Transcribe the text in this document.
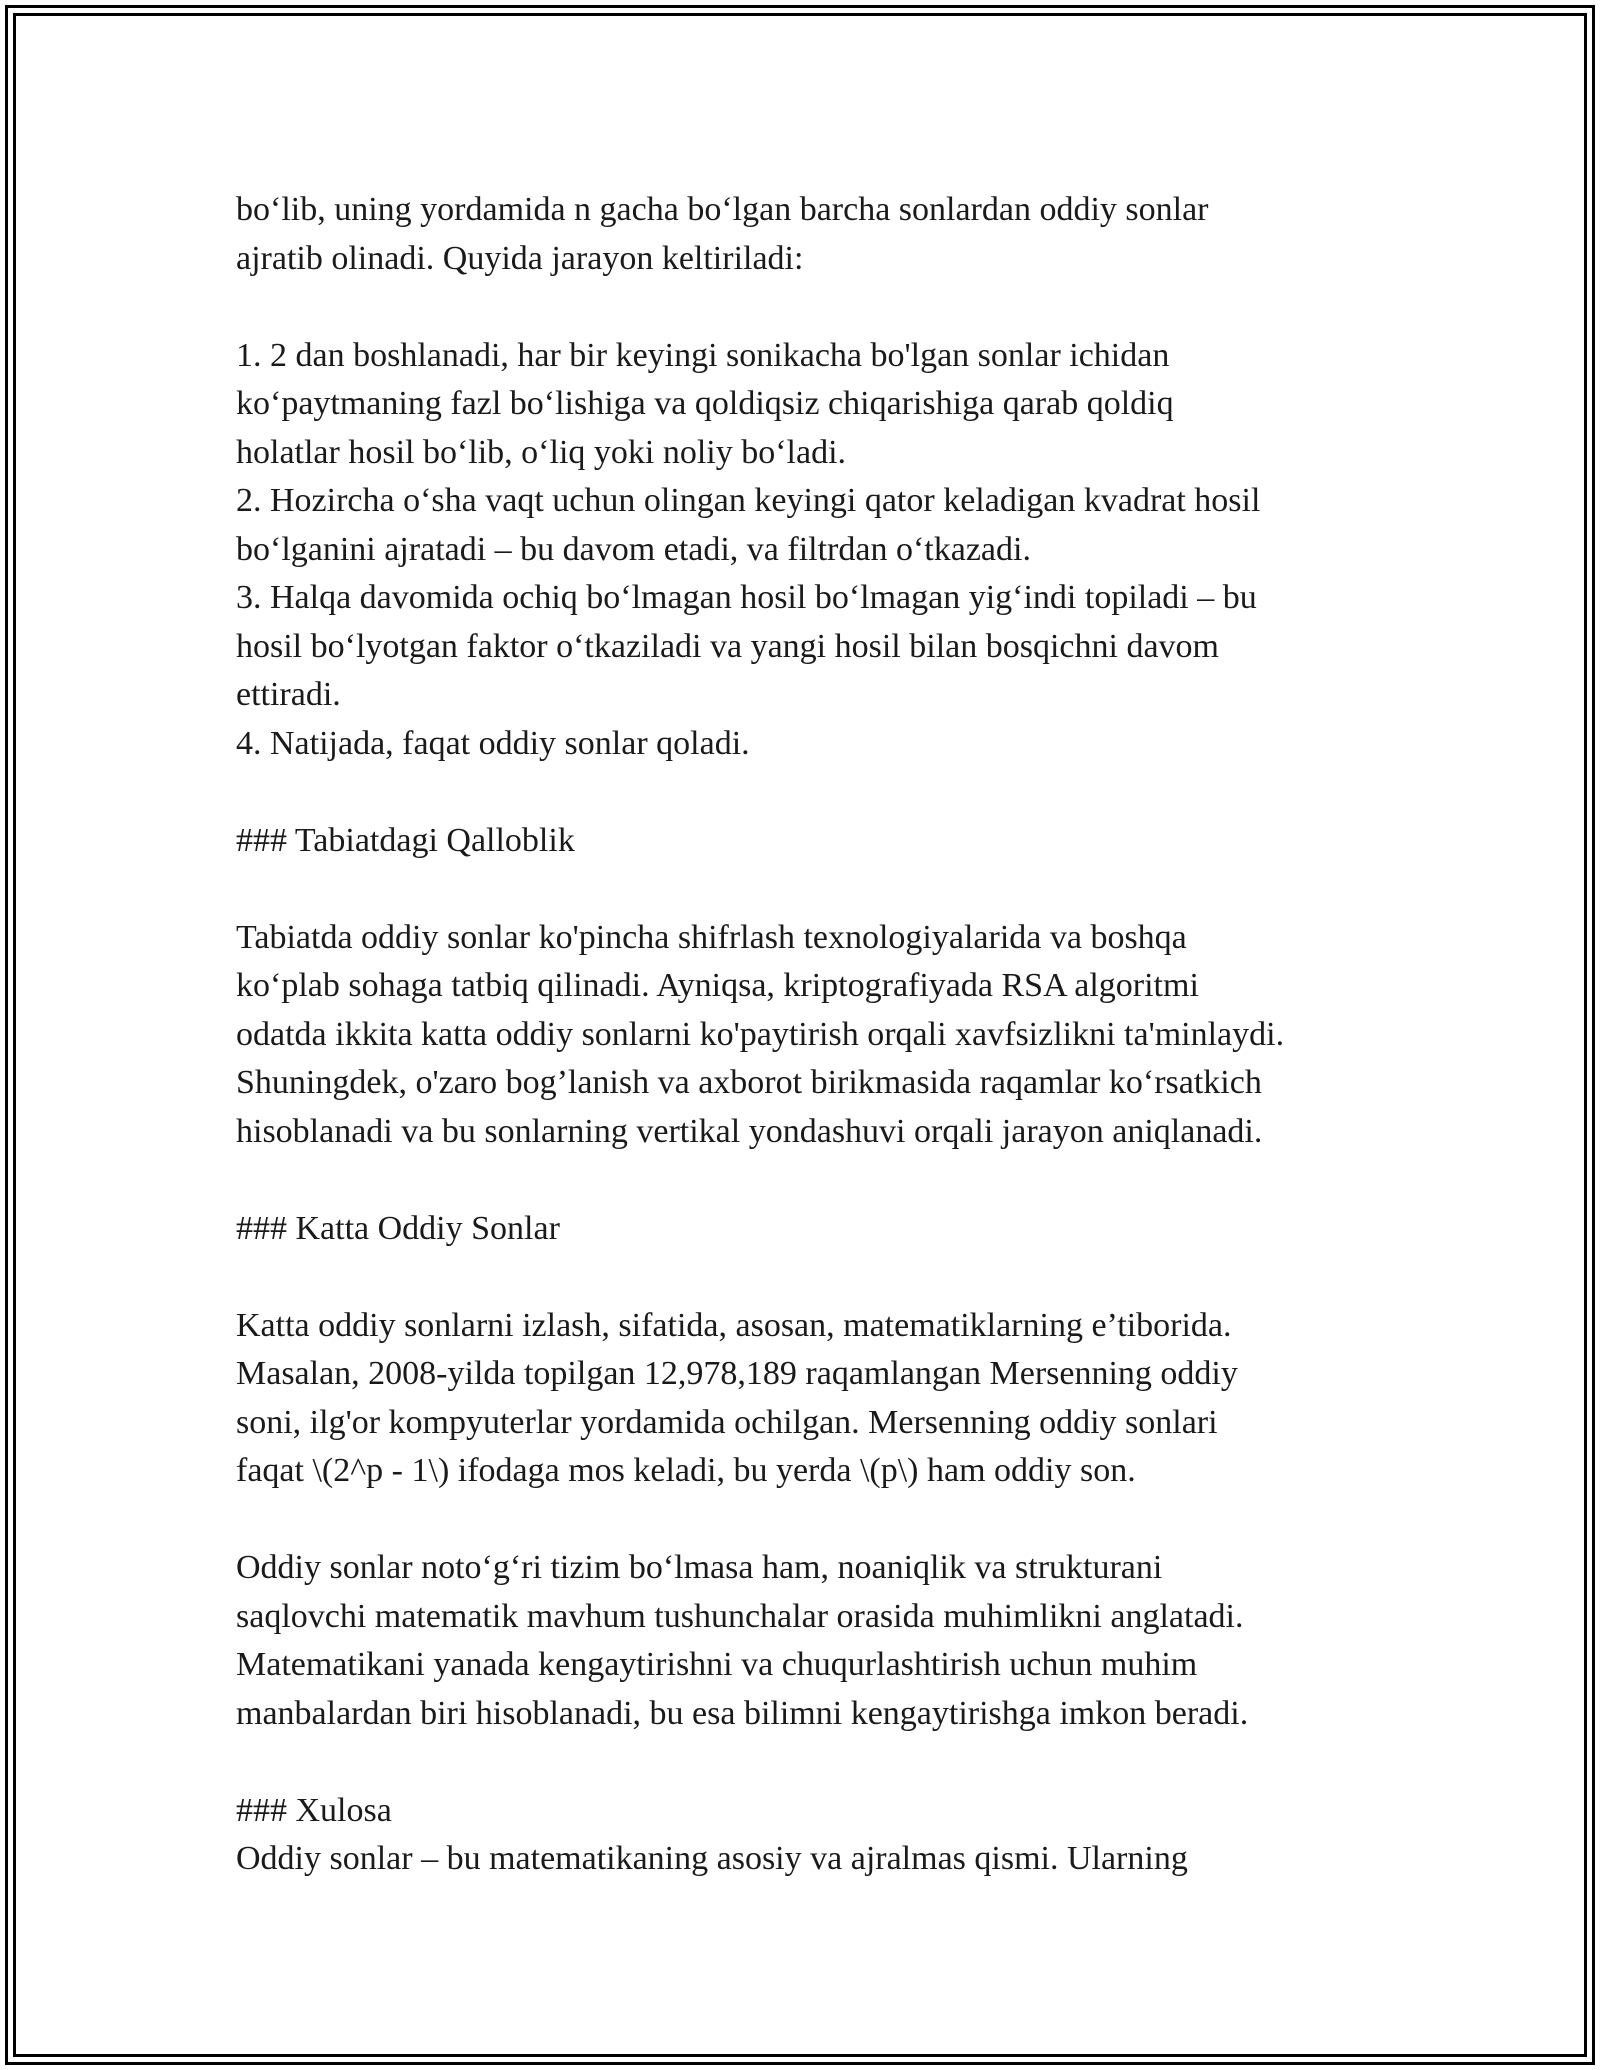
bo‘lib, uning yordamida n gacha bo‘lgan barcha sonlardan oddiy sonlar
ajratib olinadi. Quyida jarayon keltiriladi:
1. 2 dan boshlanadi, har bir keyingi sonikacha bo'lgan sonlar ichidan
ko‘paytmaning fazl bo‘lishiga va qoldiqsiz chiqarishiga qarab qoldiq
holatlar hosil bo‘lib, o‘liq yoki noliy bo‘ladi.
2. Hozircha o‘sha vaqt uchun olingan keyingi qator keladigan kvadrat hosil
bo‘lganini ajratadi – bu davom etadi, va filtrdan o‘tkazadi.
3. Halqa davomida ochiq bo‘lmagan hosil bo‘lmagan yig‘indi topiladi – bu
hosil bo‘lyotgan faktor o‘tkaziladi va yangi hosil bilan bosqichni davom
ettiradi.
4. Natijada, faqat oddiy sonlar qoladi.
### Tabiatdagi Qalloblik
Tabiatda oddiy sonlar ko'pincha shifrlash texnologiyalarida va boshqa
ko‘plab sohaga tatbiq qilinadi. Ayniqsa, kriptografiyada RSA algoritmi
odatda ikkita katta oddiy sonlarni ko'paytirish orqali xavfsizlikni ta'minlaydi.
Shuningdek, o'zaro bog’lanish va axborot birikmasida raqamlar ko‘rsatkich
hisoblanadi va bu sonlarning vertikal yondashuvi orqali jarayon aniqlanadi.
### Katta Oddiy Sonlar
Katta oddiy sonlarni izlash, sifatida, asosan, matematiklarning e’tiborida.
Masalan, 2008-yilda topilgan 12,978,189 raqamlangan Mersenning oddiy
soni, ilg'or kompyuterlar yordamida ochilgan. Mersenning oddiy sonlari
faqat \(2^p - 1\) ifodaga mos keladi, bu yerda \(p\) ham oddiy son.
Oddiy sonlar noto‘g‘ri tizim bo‘lmasa ham, noaniqlik va strukturani
saqlovchi matematik mavhum tushunchalar orasida muhimlikni anglatadi.
Matematikani yanada kengaytirishni va chuqurlashtirish uchun muhim
manbalardan biri hisoblanadi, bu esa bilimni kengaytirishga imkon beradi.
### Xulosa
Oddiy sonlar – bu matematikaning asosiy va ajralmas qismi. Ularning
